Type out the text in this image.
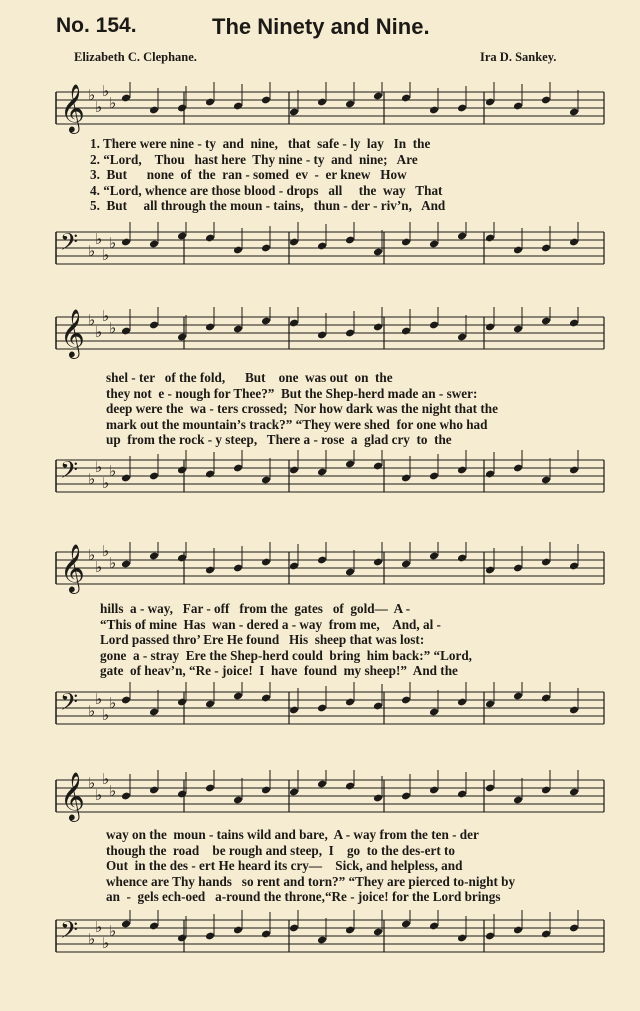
No. 154.	The Ninety and Nine.
Elizabeth C. Clephane.	Ira D. Sankey.
𝄞 ♭
♭
♭
♭
1. There were nine - ty  and  nine,   that  safe - ly  lay   In  the
2. “Lord,    Thou   hast here  Thy nine - ty  and  nine;   Are
3.  But      none  of  the  ran - somed  ev  -  er knew   How
4. “Lord, whence are those blood - drops   all     the  way   That
5.  But     all through the moun - tains,   thun - der - riv’n,   And
𝄢 ♭
♭
♭
♭
𝄞 ♭
♭
♭
♭
shel - ter   of the fold,      But    one  was out  on  the
they not  e - nough for Thee?”  But the Shep-herd made an - swer:
deep were the  wa - ters crossed;  Nor how dark was the night that the
mark out the mountain’s track?” “They were shed  for one who had
up  from the rock - y steep,   There a - rose  a  glad cry  to  the
𝄢 ♭
♭
♭
♭
𝄞 ♭
♭
♭
♭
hills  a - way,   Far - off   from the  gates   of  gold—  A -
“This of mine  Has  wan - dered a - way  from me,    And, al -
Lord passed thro’ Ere He found   His  sheep that was lost:
gone  a - stray  Ere the Shep-herd could  bring  him back:” “Lord,
gate  of heav’n, “Re - joice!  I  have  found  my sheep!”  And the
𝄢 ♭
♭
♭
♭
𝄞 ♭
♭
♭
♭
way on the  moun - tains wild and bare,  A - way from the ten - der
though the  road    be rough and steep,  I    go  to the des-ert to
Out  in the des - ert He heard its cry—    Sick, and helpless, and
whence are Thy hands   so rent and torn?” “They are pierced to-night by
an  -  gels ech-oed   a-round the throne,“Re - joice! for the Lord brings
𝄢 ♭
♭
♭
♭
